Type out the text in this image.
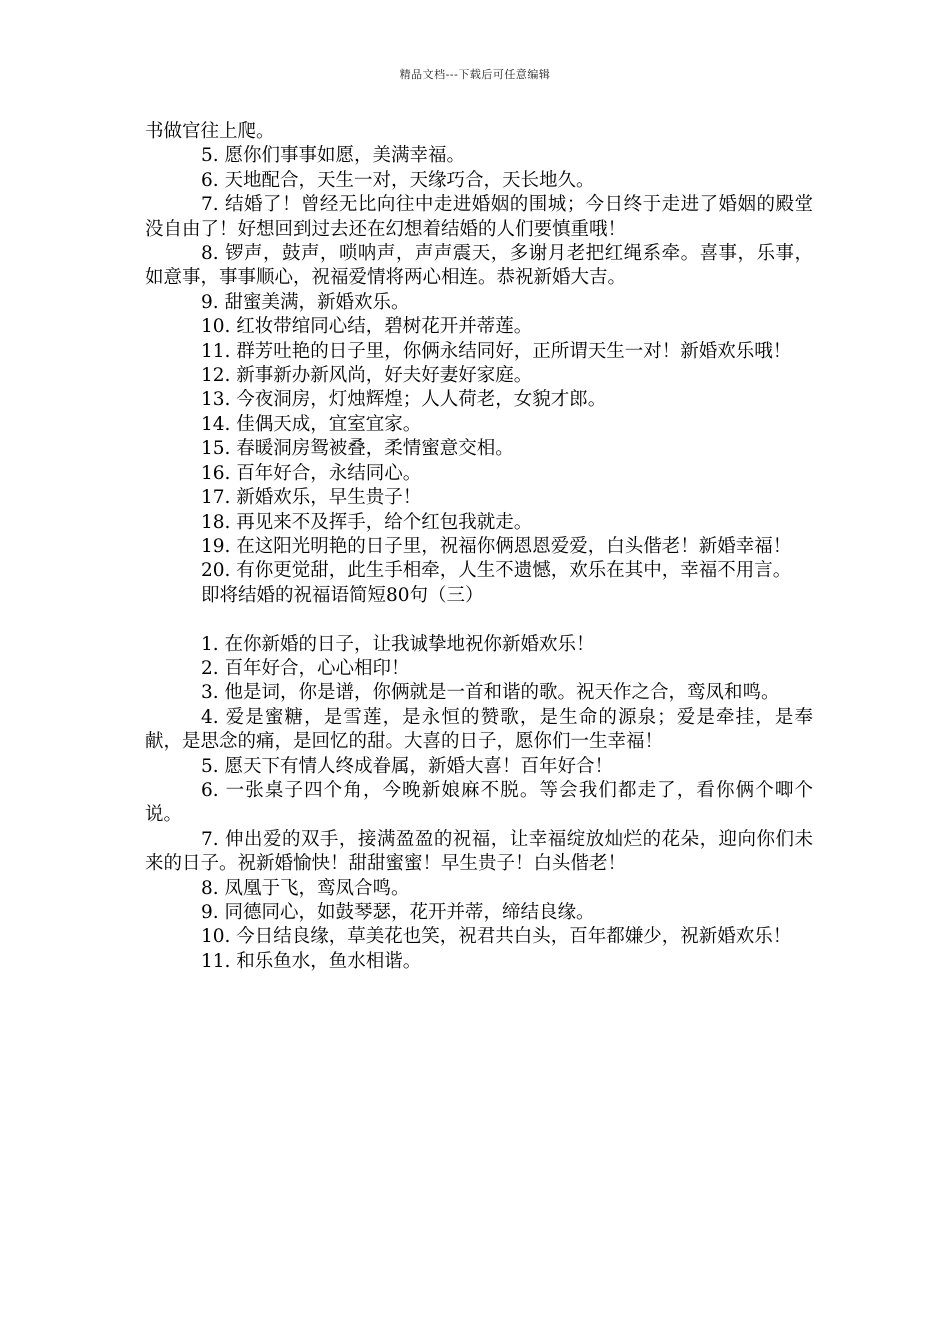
精品文档---下载后可任意编辑

书做官往上爬。

5. 愿你们事事如愿，美满幸福。

6. 天地配合，天生一对，天缘巧合，天长地久。

7. 结婚了！曾经无比向往中走进婚姻的围城；今日终于走进了婚姻的殿堂没自由了！好想回到过去还在幻想着结婚的人们要慎重哦！

8. 锣声，鼓声，唢呐声，声声震天，多谢月老把红绳系牵。喜事，乐事，如意事，事事顺心，祝福爱情将两心相连。恭祝新婚大吉。

9. 甜蜜美满，新婚欢乐。

10. 红妆带绾同心结，碧树花开并蒂莲。

11. 群芳吐艳的日子里，你俩永结同好，正所谓天生一对！新婚欢乐哦！

12. 新事新办新风尚，好夫好妻好家庭。

13. 今夜洞房，灯烛辉煌；人人荷老，女貌才郎。

14. 佳偶天成，宜室宜家。

15. 春暖洞房鸳被叠，柔情蜜意交相。

16. 百年好合，永结同心。

17. 新婚欢乐，早生贵子！

18. 再见来不及挥手，给个红包我就走。

19. 在这阳光明艳的日子里，祝福你俩恩恩爱爱，白头偕老！新婚幸福！

20. 有你更觉甜，此生手相牵，人生不遗憾，欢乐在其中，幸福不用言。

即将结婚的祝福语简短80句（三）

1. 在你新婚的日子，让我诚挚地祝你新婚欢乐！

2. 百年好合，心心相印！

3. 他是词，你是谱，你俩就是一首和谐的歌。祝天作之合，鸾凤和鸣。

4. 爱是蜜糖，是雪莲，是永恒的赞歌，是生命的源泉；爱是牵挂，是奉献，是思念的痛，是回忆的甜。大喜的日子，愿你们一生幸福！

5. 愿天下有情人终成眷属，新婚大喜！百年好合！

6. 一张桌子四个角，今晚新娘麻不脱。等会我们都走了，看你俩个唧个说。

7. 伸出爱的双手，接满盈盈的祝福，让幸福绽放灿烂的花朵，迎向你们未来的日子。祝新婚愉快！甜甜蜜蜜！早生贵子！白头偕老！

8. 凤凰于飞，鸾凤合鸣。

9. 同德同心，如鼓琴瑟，花开并蒂，缔结良缘。

10. 今日结良缘，草美花也笑，祝君共白头，百年都嫌少，祝新婚欢乐！

11. 和乐鱼水，鱼水相谐。
